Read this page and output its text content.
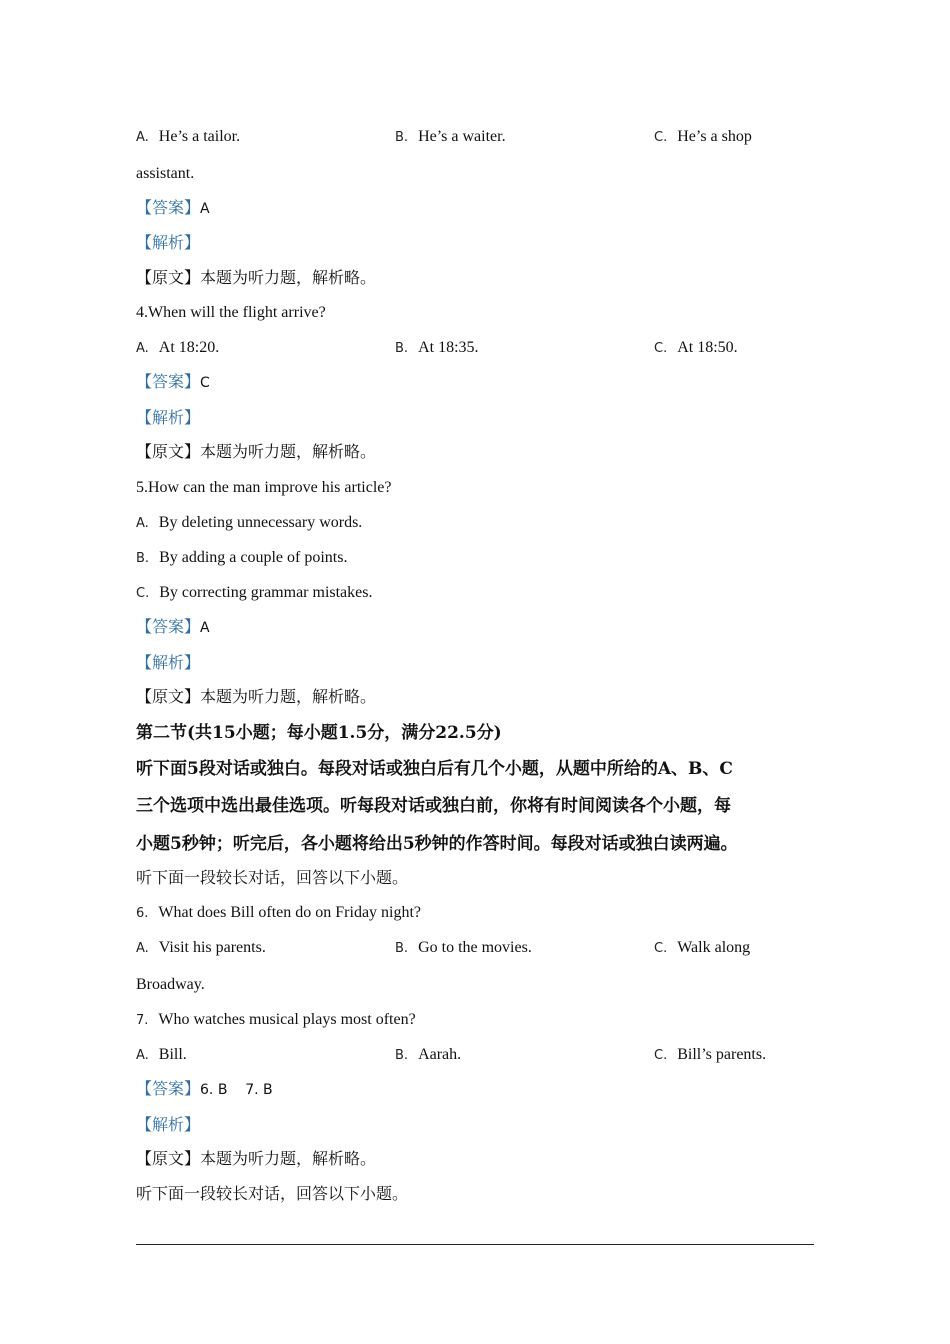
A. He’s a tailor.	B. He’s a waiter.	C. He’s a shop
assistant.
【答案】A
【解析】
【原文】本题为听力题，解析略。
4.When will the flight arrive?
A. At 18:20.	B. At 18:35.	C. At 18:50.
【答案】C
【解析】
【原文】本题为听力题，解析略。
5.How can the man improve his article?
A. By deleting unnecessary words.
B. By adding a couple of points.
C. By correcting grammar mistakes.
【答案】A
【解析】
【原文】本题为听力题，解析略。
第二节(共15小题；每小题1.5分，满分22.5分)
听下面5段对话或独白。每段对话或独白后有几个小题，从题中所给的A、B、C
三个选项中选出最佳选项。听每段对话或独白前，你将有时间阅读各个小题，每
小题5秒钟；听完后，各小题将给出5秒钟的作答时间。每段对话或独白读两遍。
听下面一段较长对话，回答以下小题。
6. What does Bill often do on Friday night?
A. Visit his parents.	B. Go to the movies.	C. Walk along
Broadway.
7. Who watches musical plays most often?
A. Bill.	B. Aarah.	C. Bill’s parents.
【答案】6. B    7. B
【解析】
【原文】本题为听力题，解析略。
听下面一段较长对话，回答以下小题。
